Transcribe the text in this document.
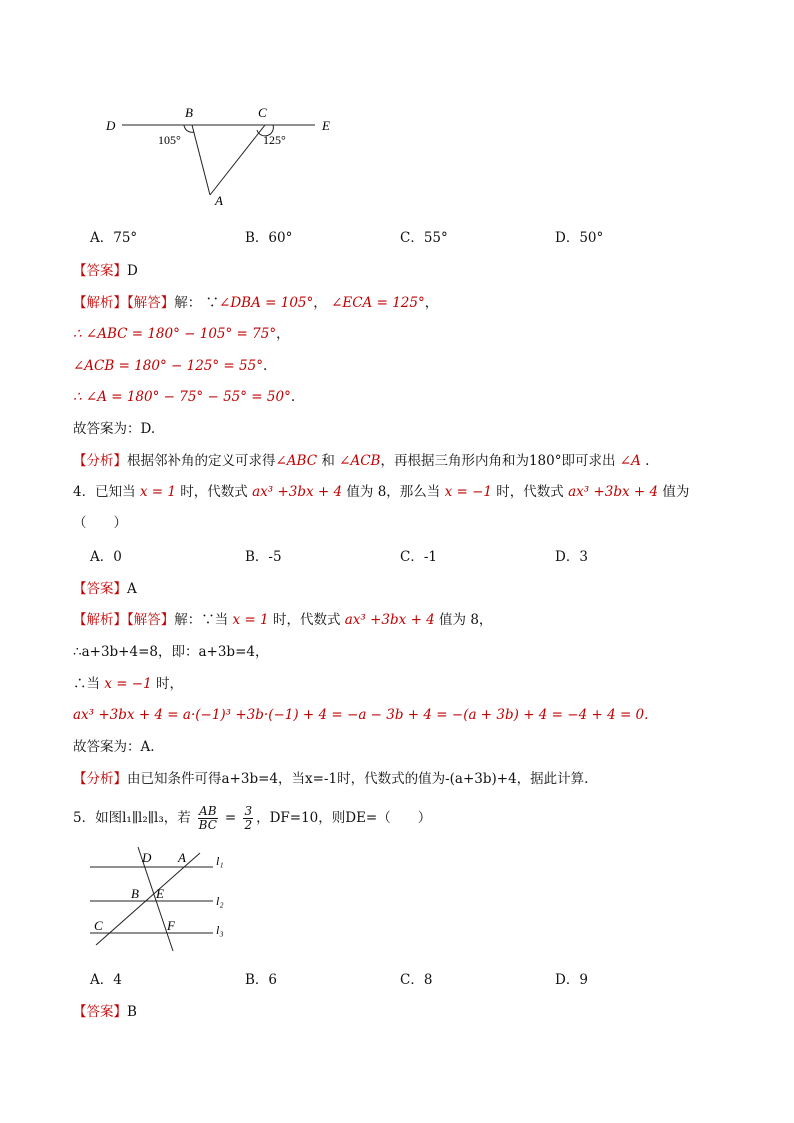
D
B	C
E
A
105°	125°
A．75°	B．60°	C．55°	D．50°
【答案】D
【解析】【解答】解： ∵∠DBA = 105°， ∠ECA = 125°，
∴ ∠ABC = 180° − 105° = 75°，
∠ACB = 180° − 125° = 55°.
∴ ∠A = 180° − 75° − 55° = 50°.
故答案为：D.
【分析】根据邻补角的定义可求得∠ABC 和 ∠ACB，再根据三角形内角和为180°即可求出 ∠A .
4．已知当 x = 1 时，代数式 ax³ +3bx + 4 值为 8，那么当 x = −1 时，代数式 ax³ +3bx + 4 值为
（　　）
A．0	B．-5	C．-1	D．3
【答案】A
【解析】【解答】解：∵当 x = 1 时，代数式 ax³ +3bx + 4 值为 8，
∴a+3b+4=8，即：a+3b=4，
∴当 x = −1 时，
ax³ +3bx + 4 = a·(−1)³ +3b·(−1) + 4 = −a − 3b + 4 = −(a + 3b) + 4 = −4 + 4 = 0.
故答案为：A.
【分析】由已知条件可得a+3b=4，当x=-1时，代数式的值为-(a+3b)+4，据此计算.
5．如图l₁∥l₂∥l₃，若 $\frac{AB}{BC} = \frac{3}{2}$ ，DF=10，则DE=（　　）
D A
B E
C	F
l₁
l₂
l₃
A．4	B．6	C．8	D．9
【答案】B
